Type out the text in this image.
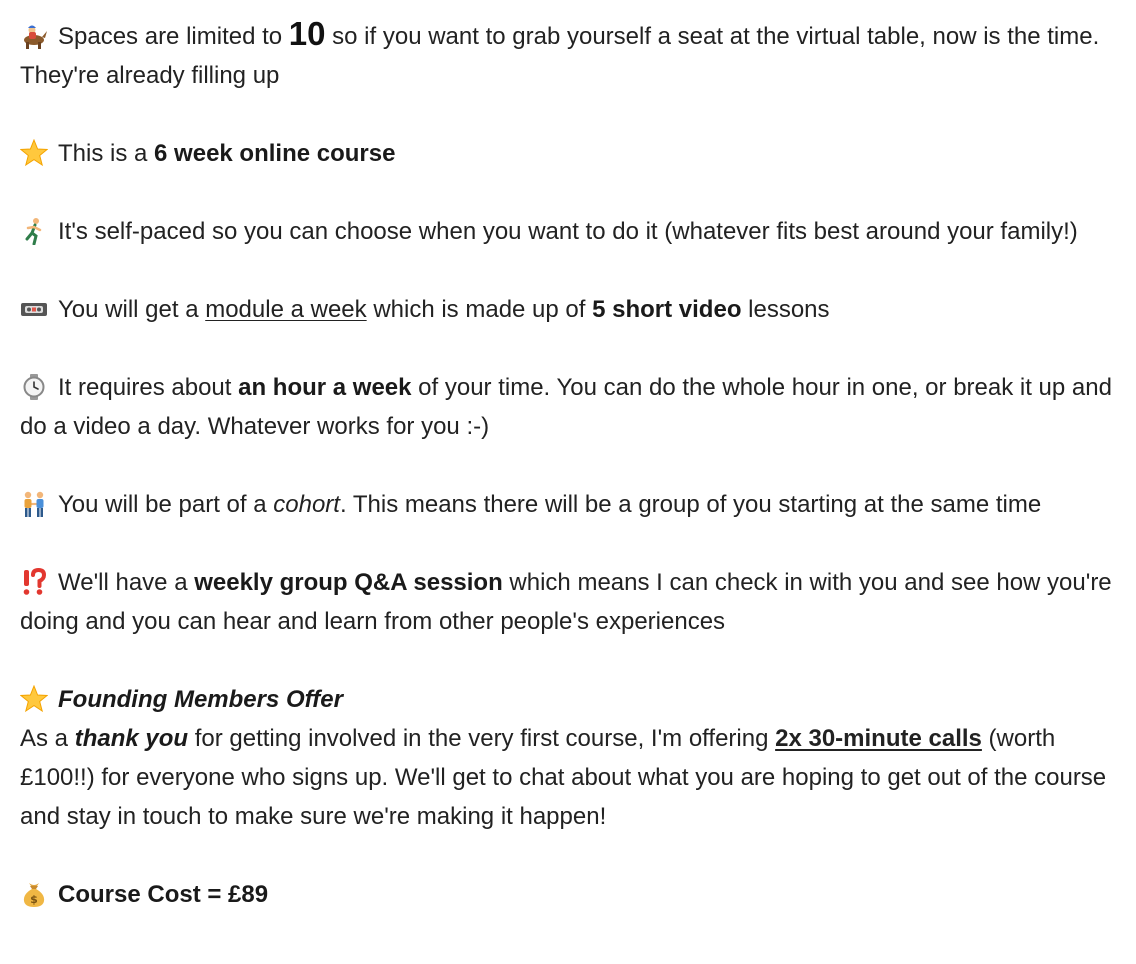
Spaces are limited to 10 so if you want to grab yourself a seat at the virtual table, now is the time. They're already filling up

This is a 6 week online course

It's self-paced so you can choose when you want to do it (whatever fits best around your family!)

You will get a module a week which is made up of 5 short video lessons

It requires about an hour a week of your time. You can do the whole hour in one, or break it up and do a video a day. Whatever works for you :-)

You will be part of a cohort. This means there will be a group of you starting at the same time

We'll have a weekly group Q&A session which means I can check in with you and see how you're doing and you can hear and learn from other people's experiences

Founding Members Offer
As a thank you for getting involved in the very first course, I'm offering 2x 30-minute calls (worth £100!!) for everyone who signs up. We'll get to chat about what you are hoping to get out of the course and stay in touch to make sure we're making it happen!

$ Course Cost = £89
